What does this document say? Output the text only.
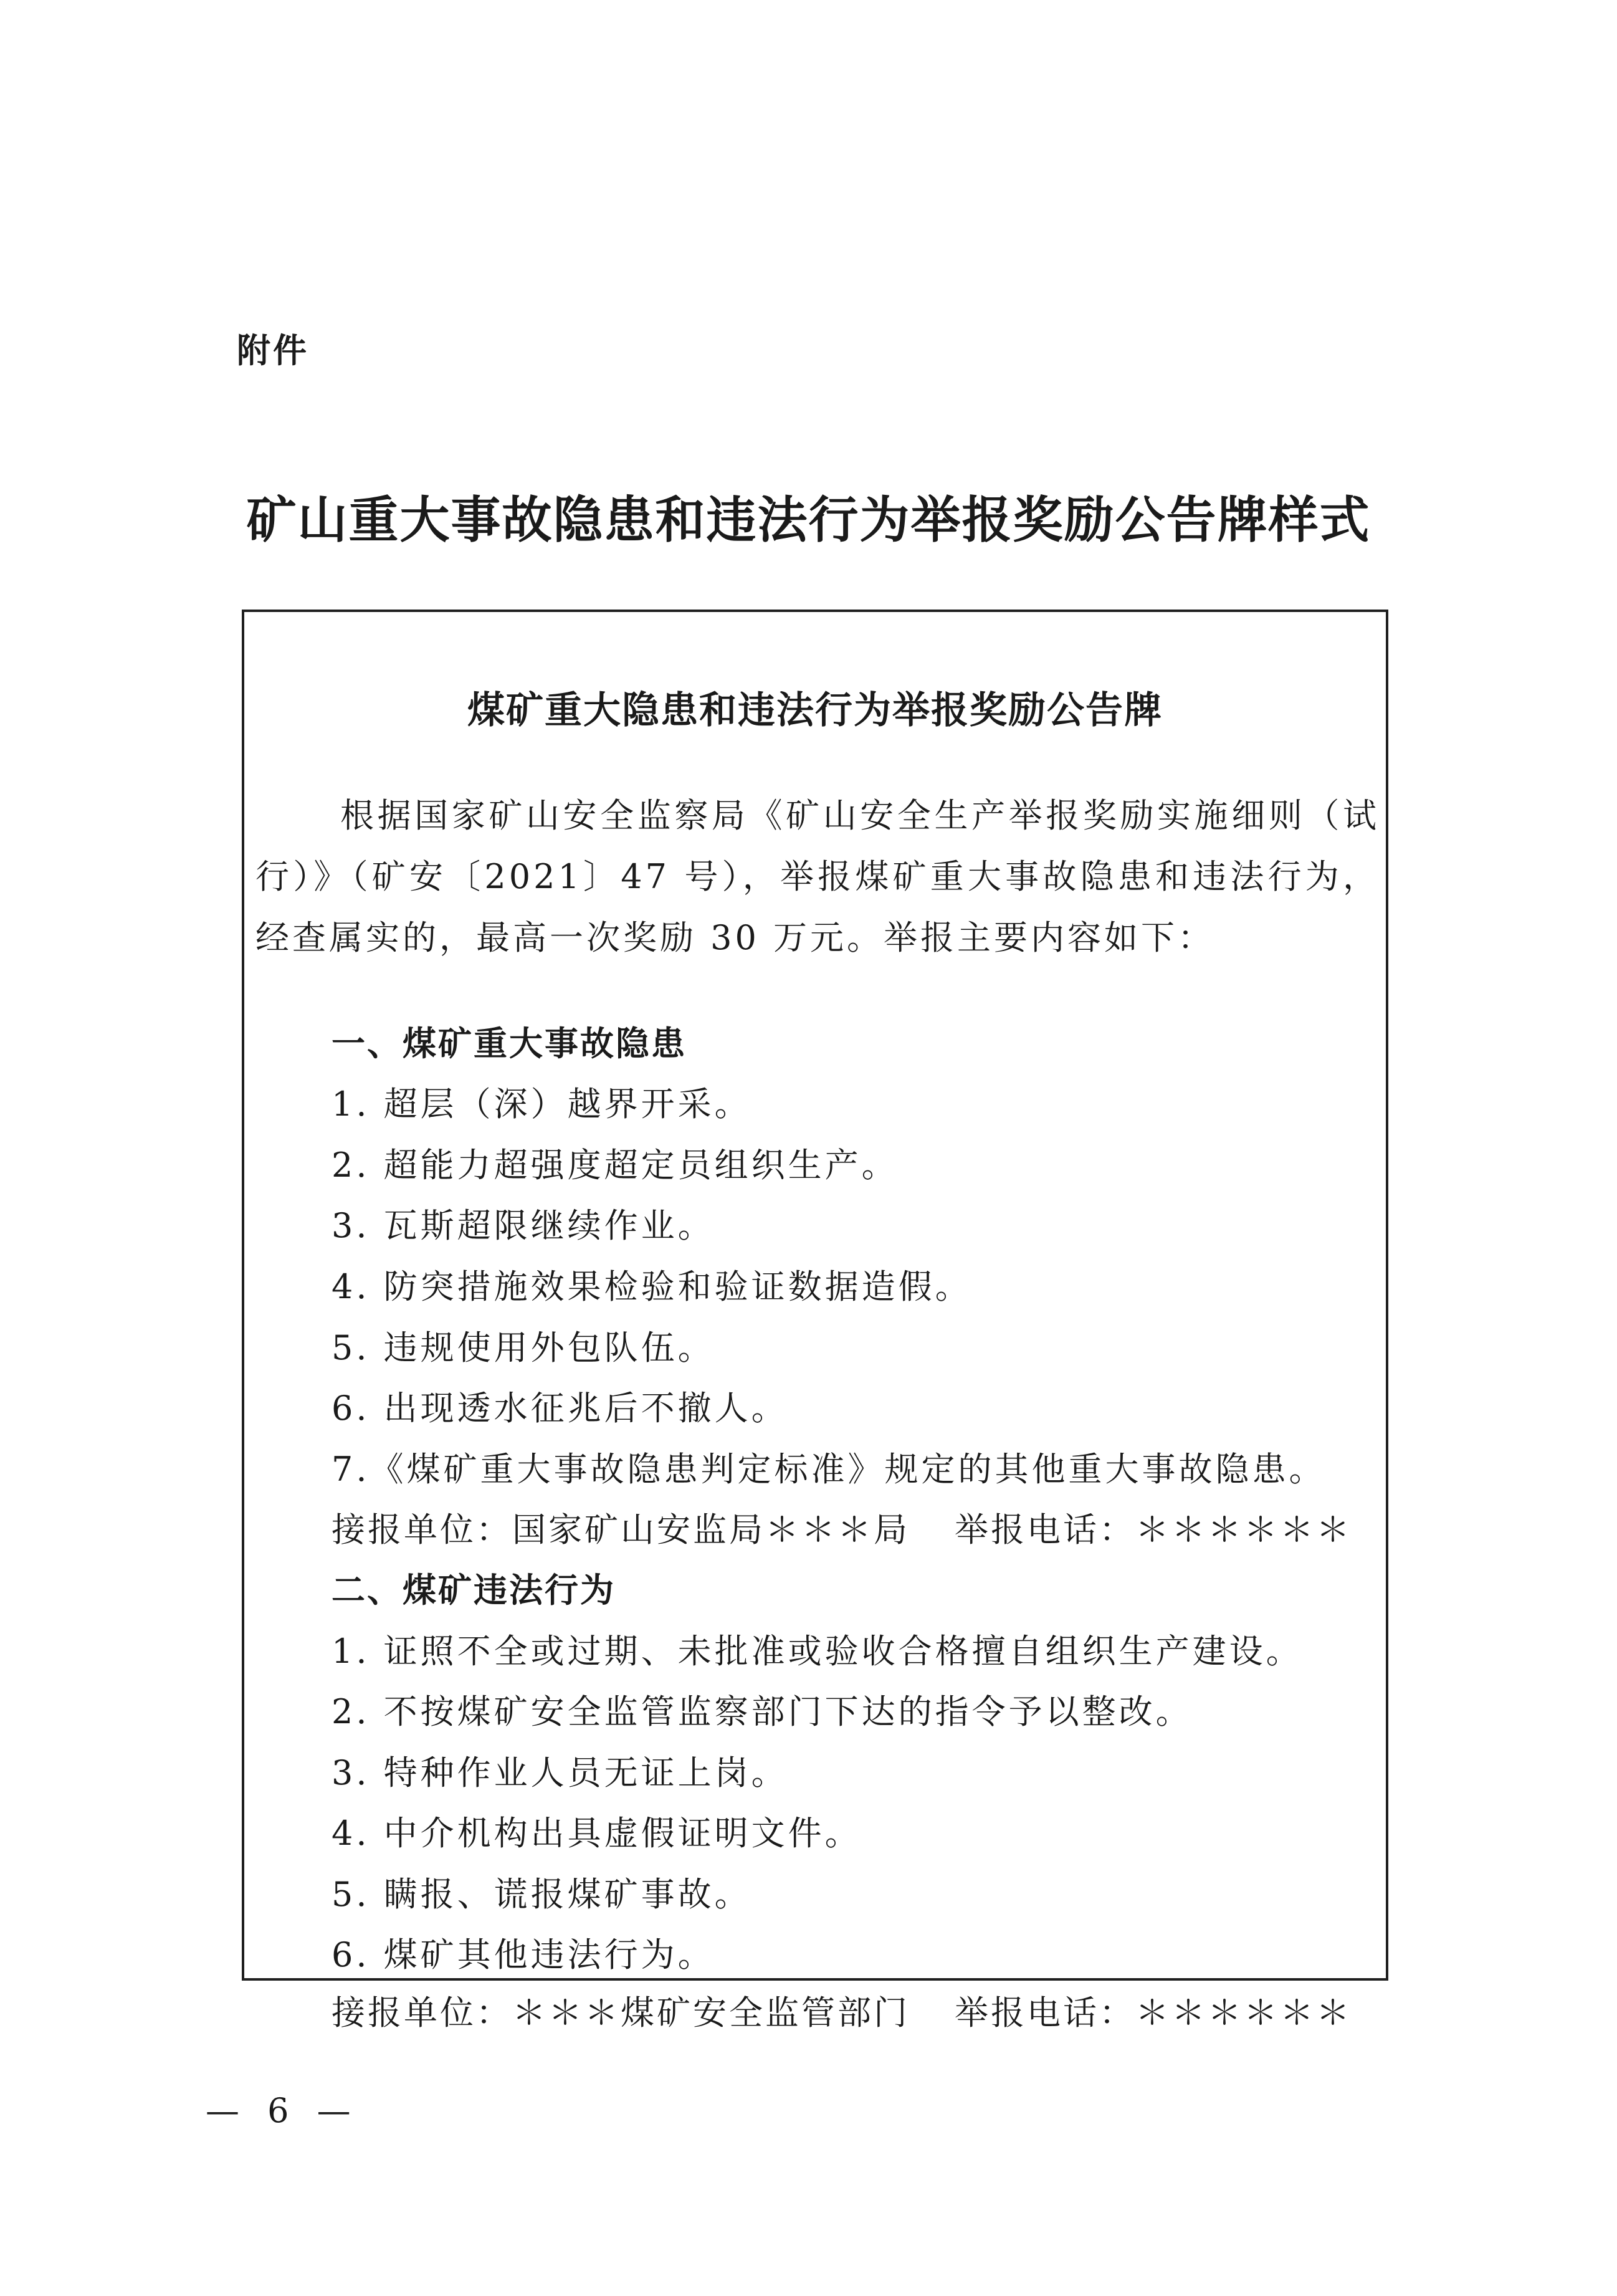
附件
矿山重大事故隐患和违法行为举报奖励公告牌样式
煤矿重大隐患和违法行为举报奖励公告牌
根据国家矿山安全监察局《矿山安全生产举报奖励实施细则（试行）》（矿安〔2021〕47 号），举报煤矿重大事故隐患和违法行为，经查属实的，最高一次奖励 30 万元。举报主要内容如下：
一、煤矿重大事故隐患
1. 超层（深）越界开采。
2. 超能力超强度超定员组织生产。
3. 瓦斯超限继续作业。
4. 防突措施效果检验和验证数据造假。
5. 违规使用外包队伍。
6. 出现透水征兆后不撤人。
7.《煤矿重大事故隐患判定标准》规定的其他重大事故隐患。
接报单位：国家矿山安监局＊＊＊局 举报电话：＊＊＊＊＊＊
二、煤矿违法行为
1. 证照不全或过期、未批准或验收合格擅自组织生产建设。
2. 不按煤矿安全监管监察部门下达的指令予以整改。
3. 特种作业人员无证上岗。
4. 中介机构出具虚假证明文件。
5. 瞒报、谎报煤矿事故。
6. 煤矿其他违法行为。
接报单位：＊＊＊煤矿安全监管部门 举报电话：＊＊＊＊＊＊
— 6 —
